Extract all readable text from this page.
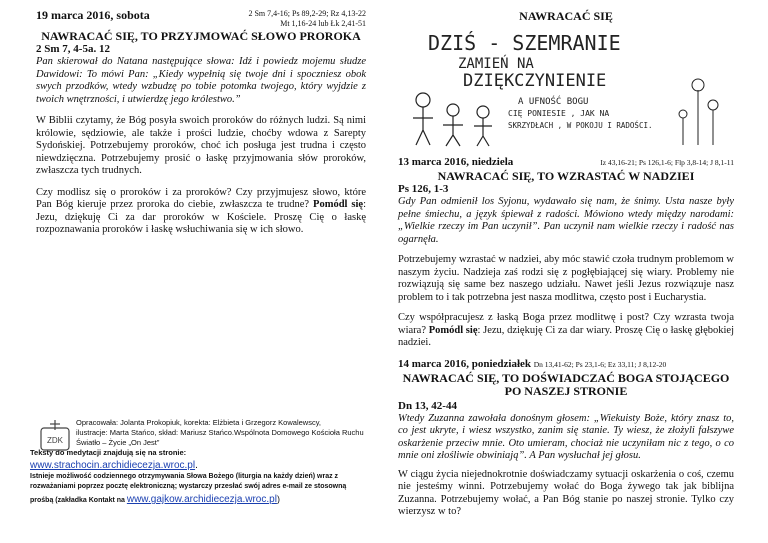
19 marca 2016, sobota	2 Sm 7,4-16; Ps 89,2-29; Rz 4,13-22
Mt 1,16-24 lub Łk 2,41-51
NAWRACAĆ SIĘ, TO PRZYJMOWAĆ SŁOWO PROROKA
2 Sm 7, 4-5a. 12
Pan skierował do Natana następujące słowa: Idź i powiedz mojemu słudze Dawidowi: To mówi Pan: „Kiedy wypełnią się twoje dni i spoczniesz obok swych przodków, wtedy wzbudzę po tobie potomka twojego, który wyjdzie z twoich wnętrzności, i utwierdzę jego królestwo.”
W Biblii czytamy, że Bóg posyła swoich proroków do różnych ludzi. Są nimi królowie, sędziowie, ale także i prości ludzie, choćby wdowa z Sarepty Sydońskiej. Potrzebujemy proroków, choć ich posługa jest trudna i często niewdzięczna. Potrzebujemy prosić o łaskę przyjmowania słów proroków, zwłaszcza tych trudnych.
Czy modlisz się o proroków i za proroków? Czy przyjmujesz słowo, które Pan Bóg kieruje przez proroka do ciebie, zwłaszcza te trudne? Pomódl się: Jezu, dziękuję Ci za dar proroków w Kościele. Proszę Cię o łaskę rozpoznawania proroków i łaskę wsłuchiwania się w ich słowo.
ZDK
Opracowała: Jolanta Prokopiuk, korekta: Elżbieta i Grzegorz Kowalewscy,
ilustracje: Marta Stańco, skład: Mariusz Stańco.Wspólnota Domowego Kościoła Ruchu
Światło – Życie „On Jest”
Teksty do medytacji znajdują się na stronie:
www.strachocin.archidiecezja.wroc.pl.
Istnieje możliwość codziennego otrzymywania Słowa Bożego (liturgia na każdy dzień) wraz z
rozważaniami poprzez pocztę elektroniczną; wystarczy przesłać swój adres e-mail ze stosowną
prośbą (zakładka Kontakt na www.gajkow.archidiecezja.wroc.pl)
NAWRACAĆ SIĘ
DZIŚ - SZEMRANIE
ZAMIEŃ NA
DZIĘKCZYNIENIE
A UFNOŚĆ BOGU
CIĘ PONIESIE , JAK NA
SKRZYDŁACH , W POKOJU I RADOŚCI.
13 marca 2016, niedziela	Iz 43,16-21; Ps 126,1-6; Flp 3,8-14; J 8,1-11
NAWRACAĆ SIĘ, TO WZRASTAĆ W NADZIEI
Ps 126, 1-3
Gdy Pan odmienił los Syjonu, wydawało się nam, że śnimy. Usta nasze były pełne śmiechu, a język śpiewał z radości. Mówiono wtedy między narodami: „Wielkie rzeczy im Pan uczynił”. Pan uczynił nam wielkie rzeczy i radość nas ogarnęła.
Potrzebujemy wzrastać w nadziei, aby móc stawić czoła trudnym problemom w naszym życiu. Nadzieja zaś rodzi się z pogłębiającej się wiary. Problemy nie rozwiązują się same bez naszego udziału. Nawet jeśli Jezus rozwiązuje nasz problem to i tak potrzebna jest nasza modlitwa, często post i Eucharystia.
Czy współpracujesz z łaską Boga przez modlitwę i post? Czy wzrasta twoja wiara? Pomódl się: Jezu, dziękuję Ci za dar wiary. Proszę Cię o łaskę głębokiej nadziei.
14 marca 2016, poniedziałek Dn 13,41-62; Ps 23,1-6; Ez 33,11; J 8,12-20
NAWRACAĆ SIĘ, TO DOŚWIADCZAĆ BOGA STOJĄCEGO PO NASZEJ STRONIE
Dn 13, 42-44
Wtedy Zuzanna zawołała donośnym głosem: „Wiekuisty Boże, który znasz to, co jest ukryte, i wiesz wszystko, zanim się stanie. Ty wiesz, że złożyli fałszywe oskarżenie przeciw mnie. Oto umieram, chociaż nie uczyniłam nic z tego, o co mnie oni złośliwie obwiniają”. A Pan wysłuchał jej głosu.
W ciągu życia niejednokrotnie doświadczamy sytuacji oskarżenia o coś, czemu nie jesteśmy winni. Potrzebujemy wołać do Boga żywego tak jak biblijna Zuzanna. Potrzebujemy wołać, a Pan Bóg stanie po naszej stronie. Tylko czy wierzysz w to?
